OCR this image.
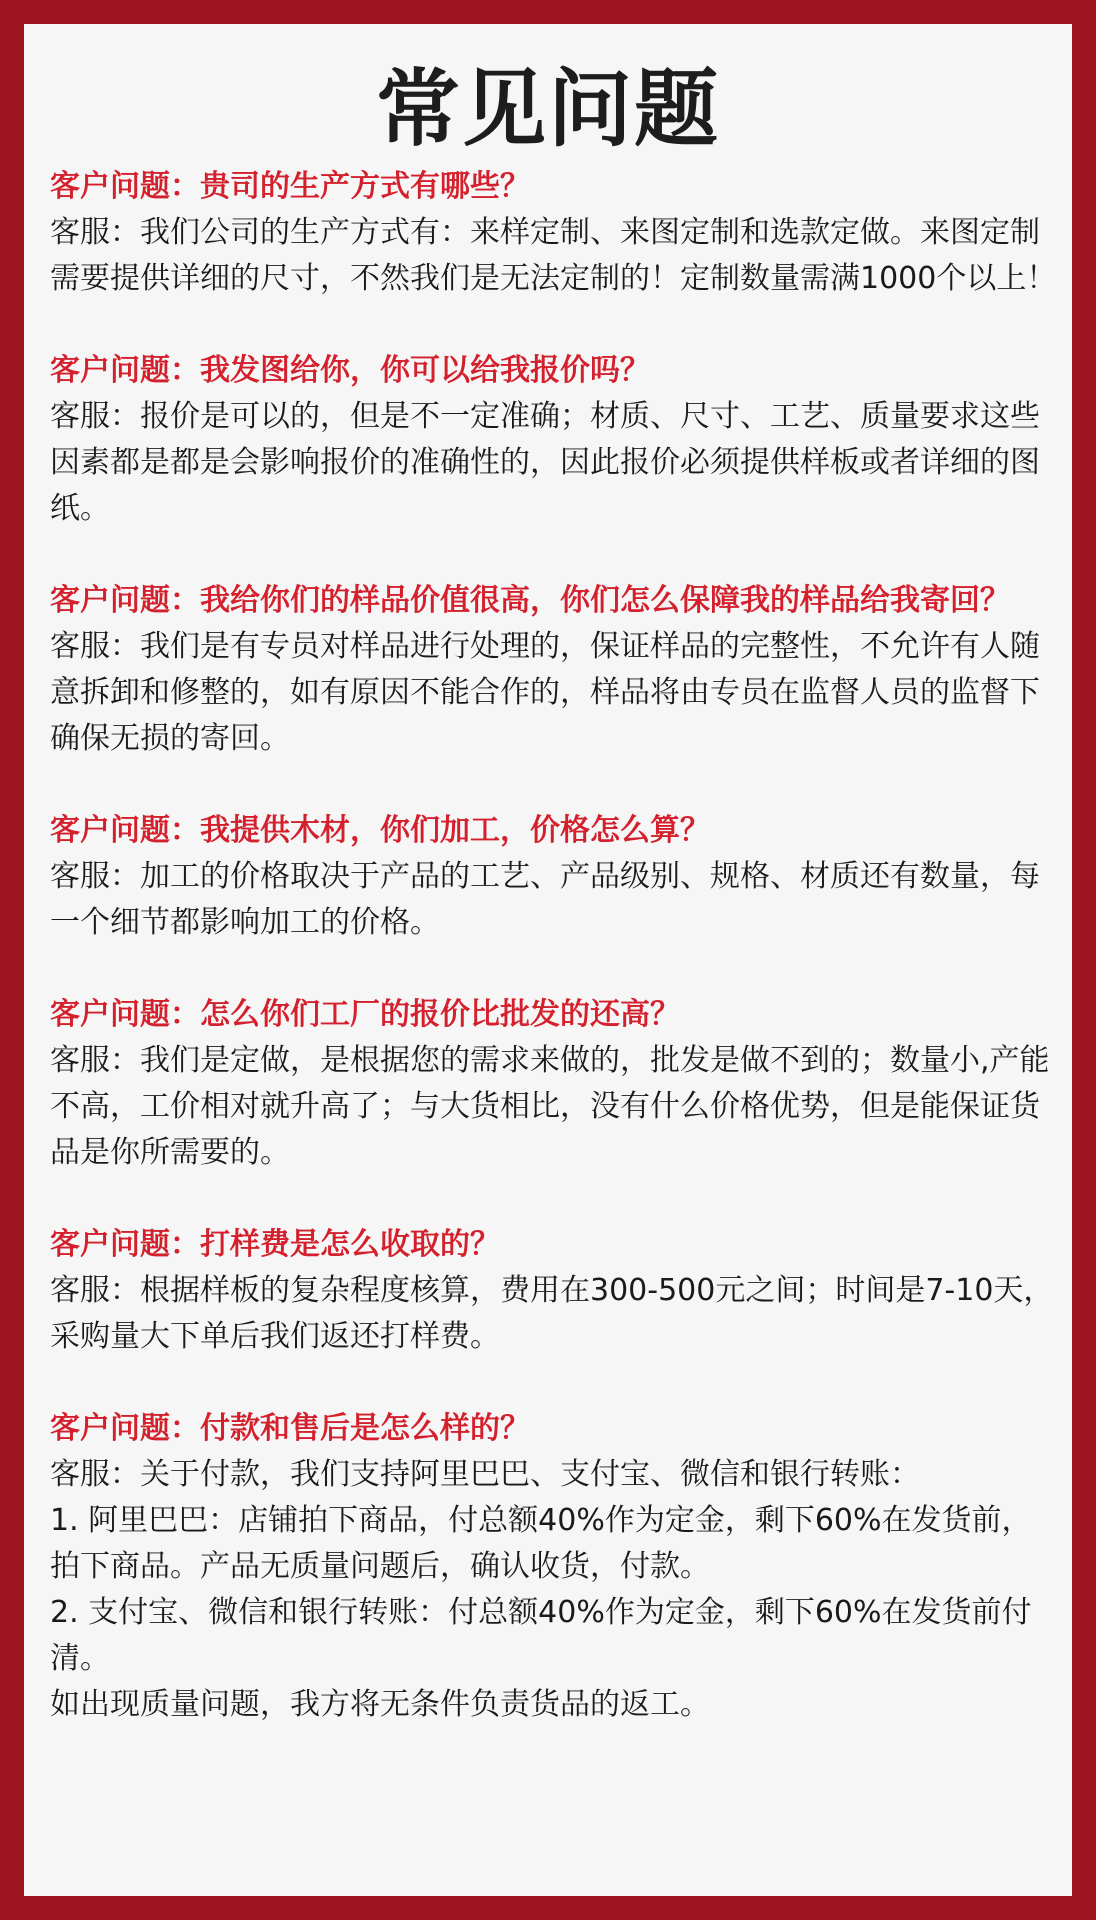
常见问题

客户问题：贵司的生产方式有哪些？

客服：我们公司的生产方式有：来样定制、来图定制和选款定做。来图定制需要提供详细的尺寸，不然我们是无法定制的！定制数量需满1000个以上！

客户问题：我发图给你，你可以给我报价吗？

客服：报价是可以的，但是不一定准确；材质、尺寸、工艺、质量要求这些因素都是都是会影响报价的准确性的，因此报价必须提供样板或者详细的图纸。

客户问题：我给你们的样品价值很高，你们怎么保障我的样品给我寄回？

客服：我们是有专员对样品进行处理的，保证样品的完整性，不允许有人随意拆卸和修整的，如有原因不能合作的，样品将由专员在监督人员的监督下确保无损的寄回。

客户问题：我提供木材，你们加工，价格怎么算？

客服：加工的价格取决于产品的工艺、产品级别、规格、材质还有数量，每一个细节都影响加工的价格。

客户问题：怎么你们工厂的报价比批发的还高？

客服：我们是定做，是根据您的需求来做的，批发是做不到的；数量小,产能不高，工价相对就升高了；与大货相比，没有什么价格优势，但是能保证货品是你所需要的。

客户问题：打样费是怎么收取的？

客服：根据样板的复杂程度核算，费用在300-500元之间；时间是7-10天，采购量大下单后我们返还打样费。

客户问题：付款和售后是怎么样的？

客服：关于付款，我们支持阿里巴巴、支付宝、微信和银行转账：
1. 阿里巴巴：店铺拍下商品，付总额40%作为定金，剩下60%在发货前，拍下商品。产品无质量问题后，确认收货，付款。
2. 支付宝、微信和银行转账：付总额40%作为定金，剩下60%在发货前付清。
如出现质量问题，我方将无条件负责货品的返工。
